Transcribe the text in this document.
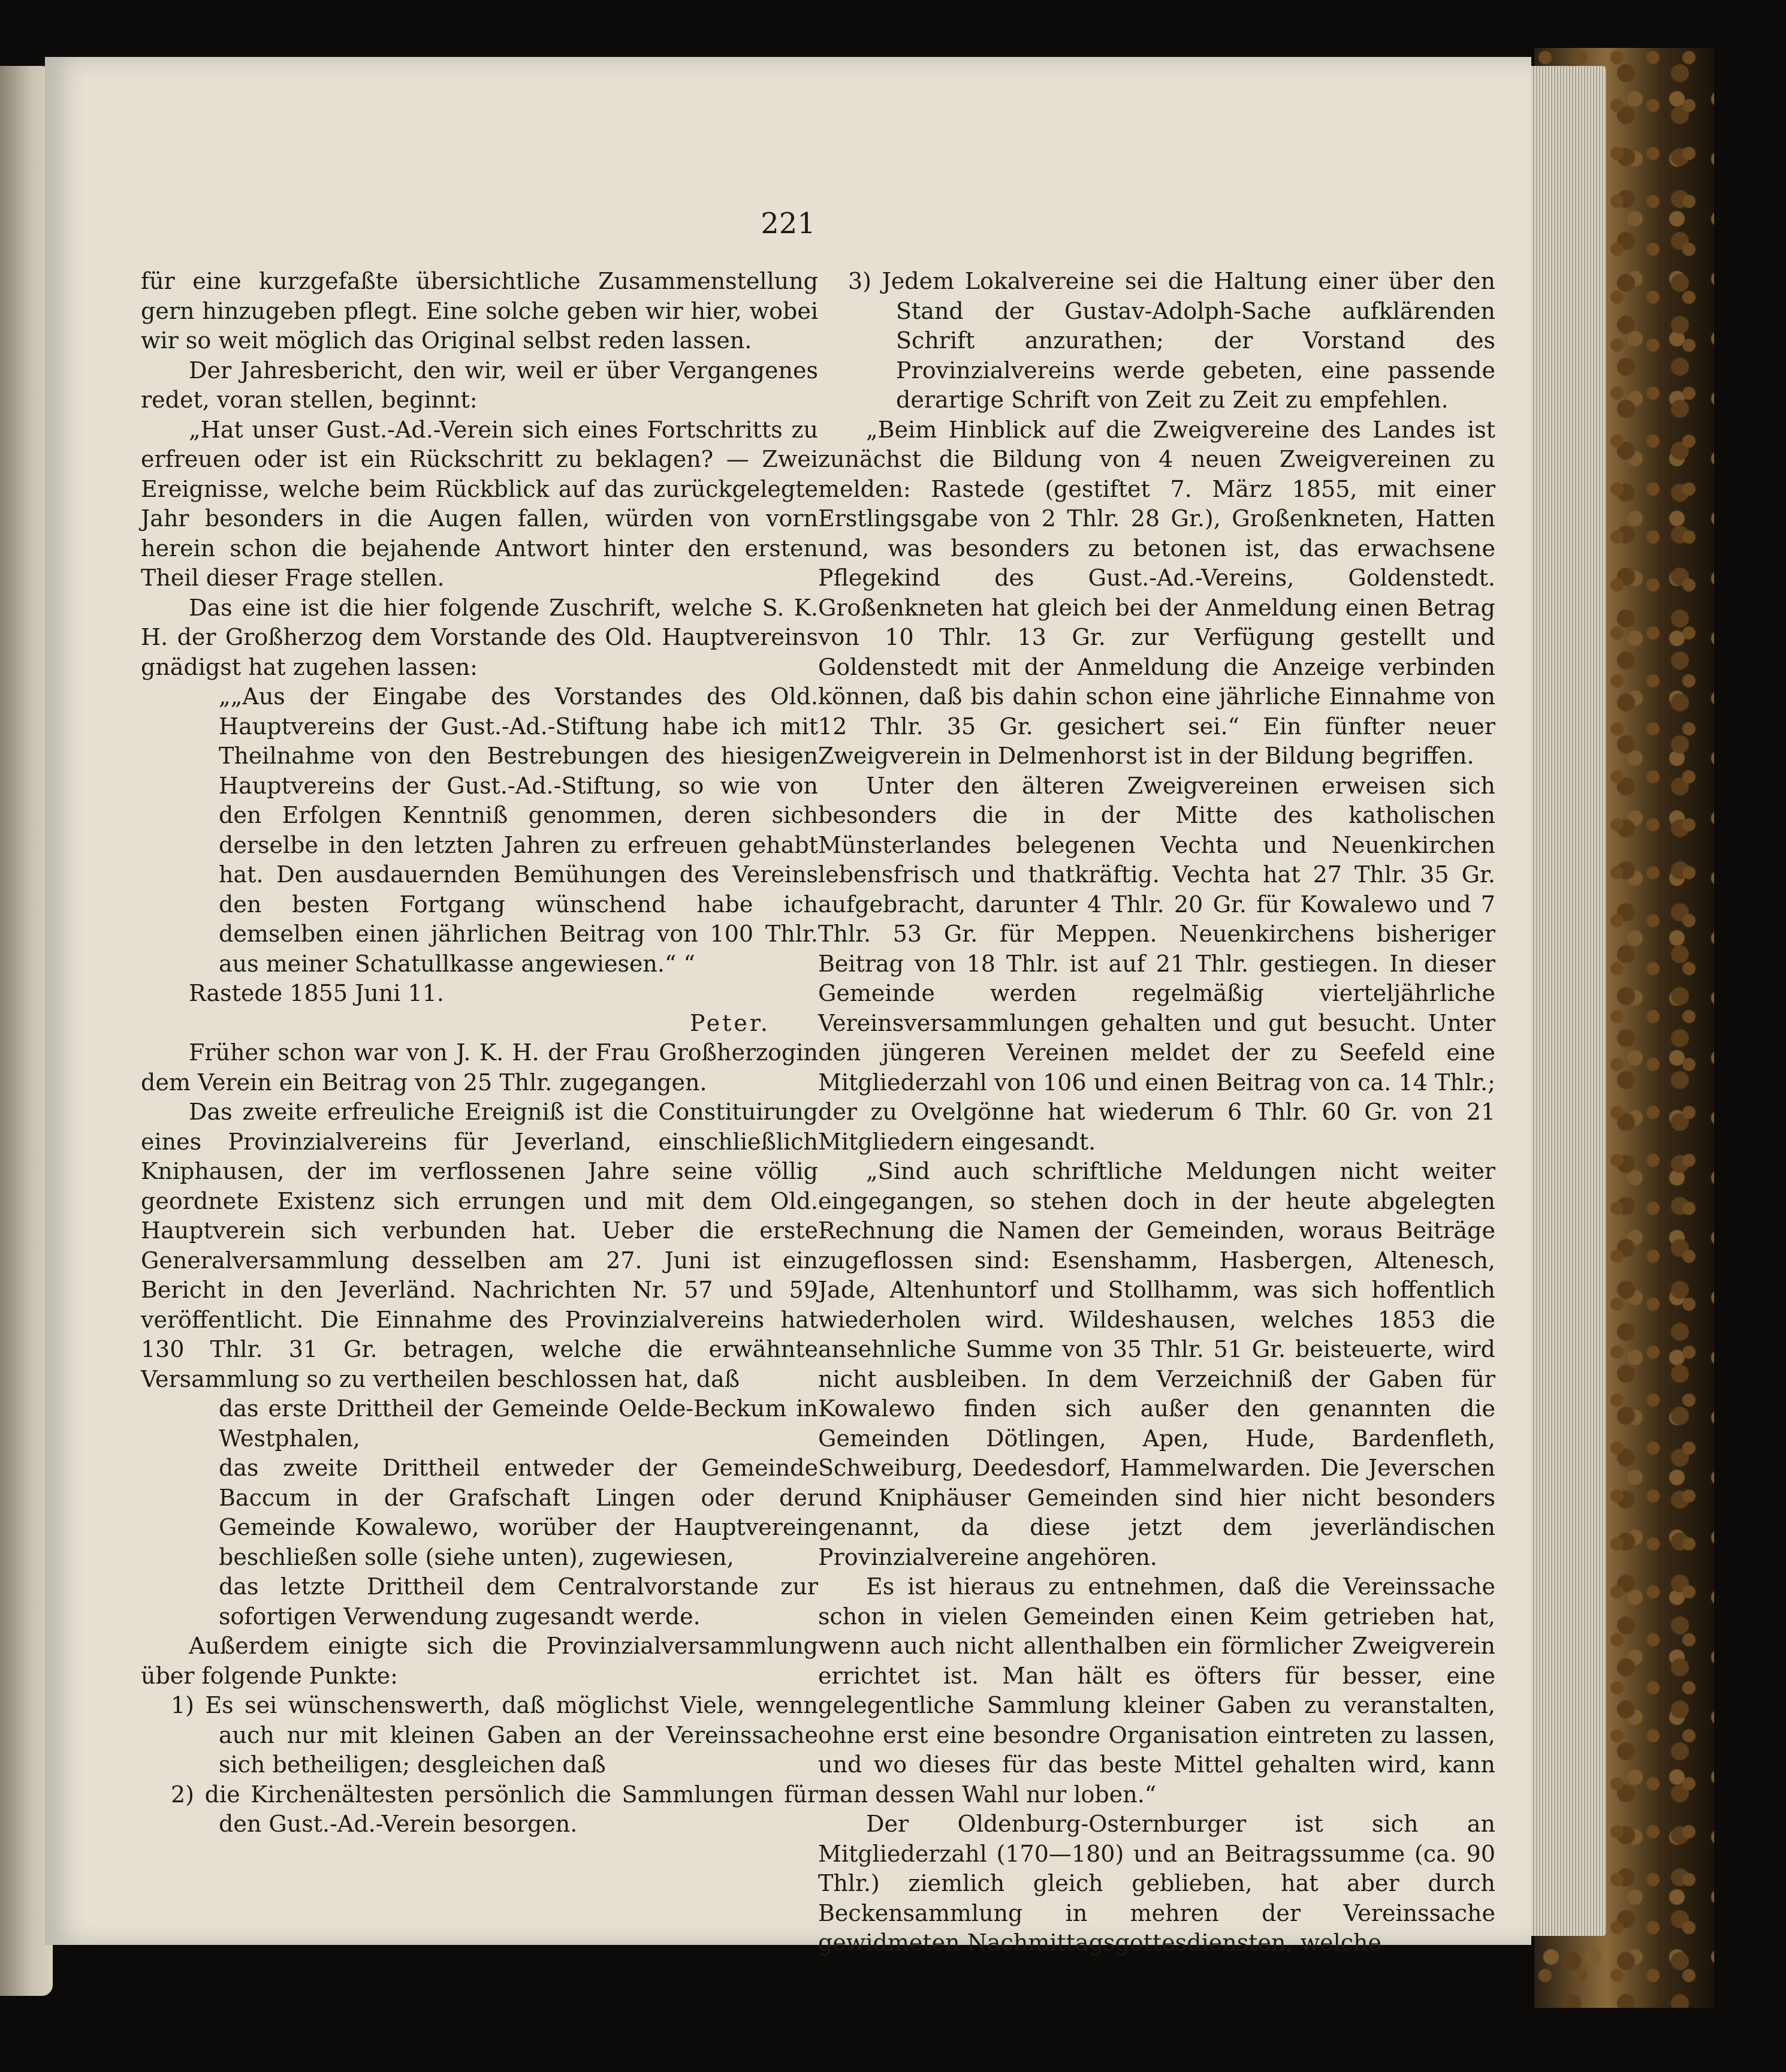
221

für eine kurzgefaßte übersichtliche Zusammenstellung gern hinzugeben pflegt. Eine solche geben wir hier, wobei wir so weit möglich das Original selbst reden lassen.

Der Jahresbericht, den wir, weil er über Vergangenes redet, voran stellen, beginnt:

„Hat unser Gust.-Ad.-Verein sich eines Fortschritts zu erfreuen oder ist ein Rückschritt zu beklagen? — Zwei Ereignisse, welche beim Rückblick auf das zurückgelegte Jahr besonders in die Augen fallen, würden von vorn herein schon die bejahende Antwort hinter den ersten Theil dieser Frage stellen.

Das eine ist die hier folgende Zuschrift, welche S. K. H. der Großherzog dem Vorstande des Old. Hauptvereins gnädigst hat zugehen lassen:

„„Aus der Eingabe des Vorstandes des Old. Hauptvereins der Gust.-Ad.-Stiftung habe ich mit Theilnahme von den Bestrebungen des hiesigen Hauptvereins der Gust.-Ad.-Stiftung, so wie von den Erfolgen Kenntniß genommen, deren sich derselbe in den letzten Jahren zu erfreuen gehabt hat. Den ausdauernden Bemühungen des Vereins den besten Fortgang wünschend habe ich demselben einen jährlichen Beitrag von 100 Thlr. aus meiner Schatullkasse angewiesen.“ “

Rastede 1855 Juni 11.

Peter.

Früher schon war von J. K. H. der Frau Großherzogin dem Verein ein Beitrag von 25 Thlr. zugegangen.

Das zweite erfreuliche Ereigniß ist die Constituirung eines Provinzialvereins für Jeverland, einschließlich Kniphausen, der im verflossenen Jahre seine völlig geordnete Existenz sich errungen und mit dem Old. Hauptverein sich verbunden hat. Ueber die erste Generalversammlung desselben am 27. Juni ist ein Bericht in den Jeverländ. Nachrichten Nr. 57 und 59 veröffentlicht. Die Einnahme des Provinzialvereins hat 130 Thlr. 31 Gr. betragen, welche die erwähnte Versammlung so zu vertheilen beschlossen hat, daß

das erste Drittheil der Gemeinde Oelde-Beckum in Westphalen,

das zweite Drittheil entweder der Gemeinde Baccum in der Grafschaft Lingen oder der Gemeinde Kowalewo, worüber der Hauptverein beschließen solle (siehe unten), zugewiesen,

das letzte Drittheil dem Centralvorstande zur sofortigen Verwendung zugesandt werde.

Außerdem einigte sich die Provinzialversammlung über folgende Punkte:

1) Es sei wünschenswerth, daß möglichst Viele, wenn auch nur mit kleinen Gaben an der Vereinssache sich betheiligen; desgleichen daß

2) die Kirchenältesten persönlich die Sammlungen für den Gust.-Ad.-Verein besorgen.

3) Jedem Lokalvereine sei die Haltung einer über den Stand der Gustav-Adolph-Sache aufklärenden Schrift anzurathen; der Vorstand des Provinzialvereins werde gebeten, eine passende derartige Schrift von Zeit zu Zeit zu empfehlen.

„Beim Hinblick auf die Zweigvereine des Landes ist zunächst die Bildung von 4 neuen Zweigvereinen zu melden: Rastede (gestiftet 7. März 1855, mit einer Erstlingsgabe von 2 Thlr. 28 Gr.), Großenkneten, Hatten und, was besonders zu betonen ist, das erwachsene Pflegekind des Gust.-Ad.-Vereins, Goldenstedt. Großenkneten hat gleich bei der Anmeldung einen Betrag von 10 Thlr. 13 Gr. zur Verfügung gestellt und Goldenstedt mit der Anmeldung die Anzeige verbinden können, daß bis dahin schon eine jährliche Einnahme von 12 Thlr. 35 Gr. gesichert sei.“ Ein fünfter neuer Zweigverein in Delmenhorst ist in der Bildung begriffen.

Unter den älteren Zweigvereinen erweisen sich besonders die in der Mitte des katholischen Münsterlandes belegenen Vechta und Neuenkirchen lebensfrisch und thatkräftig. Vechta hat 27 Thlr. 35 Gr. aufgebracht, darunter 4 Thlr. 20 Gr. für Kowalewo und 7 Thlr. 53 Gr. für Meppen. Neuenkirchens bisheriger Beitrag von 18 Thlr. ist auf 21 Thlr. gestiegen. In dieser Gemeinde werden regelmäßig vierteljährliche Vereinsversammlungen gehalten und gut besucht. Unter den jüngeren Vereinen meldet der zu Seefeld eine Mitgliederzahl von 106 und einen Beitrag von ca. 14 Thlr.; der zu Ovelgönne hat wiederum 6 Thlr. 60 Gr. von 21 Mitgliedern eingesandt.

„Sind auch schriftliche Meldungen nicht weiter eingegangen, so stehen doch in der heute abgelegten Rechnung die Namen der Gemeinden, woraus Beiträge zugeflossen sind: Esenshamm, Hasbergen, Altenesch, Jade, Altenhuntorf und Stollhamm, was sich hoffentlich wiederholen wird. Wildeshausen, welches 1853 die ansehnliche Summe von 35 Thlr. 51 Gr. beisteuerte, wird nicht ausbleiben. In dem Verzeichniß der Gaben für Kowalewo finden sich außer den genannten die Gemeinden Dötlingen, Apen, Hude, Bardenfleth, Schweiburg, Deedesdorf, Hammelwarden. Die Jeverschen und Kniphäuser Gemeinden sind hier nicht besonders genannt, da diese jetzt dem jeverländischen Provinzialvereine angehören.

Es ist hieraus zu entnehmen, daß die Vereinssache schon in vielen Gemeinden einen Keim getrieben hat, wenn auch nicht allenthalben ein förmlicher Zweigverein errichtet ist. Man hält es öfters für besser, eine gelegentliche Sammlung kleiner Gaben zu veranstalten, ohne erst eine besondre Organisation eintreten zu lassen, und wo dieses für das beste Mittel gehalten wird, kann man dessen Wahl nur loben.“

Der Oldenburg-Osternburger ist sich an Mitgliederzahl (170—180) und an Beitragssumme (ca. 90 Thlr.) ziemlich gleich geblieben, hat aber durch Beckensammlung in mehren der Vereinssache gewidmeten Nachmittagsgottesdiensten, welche
